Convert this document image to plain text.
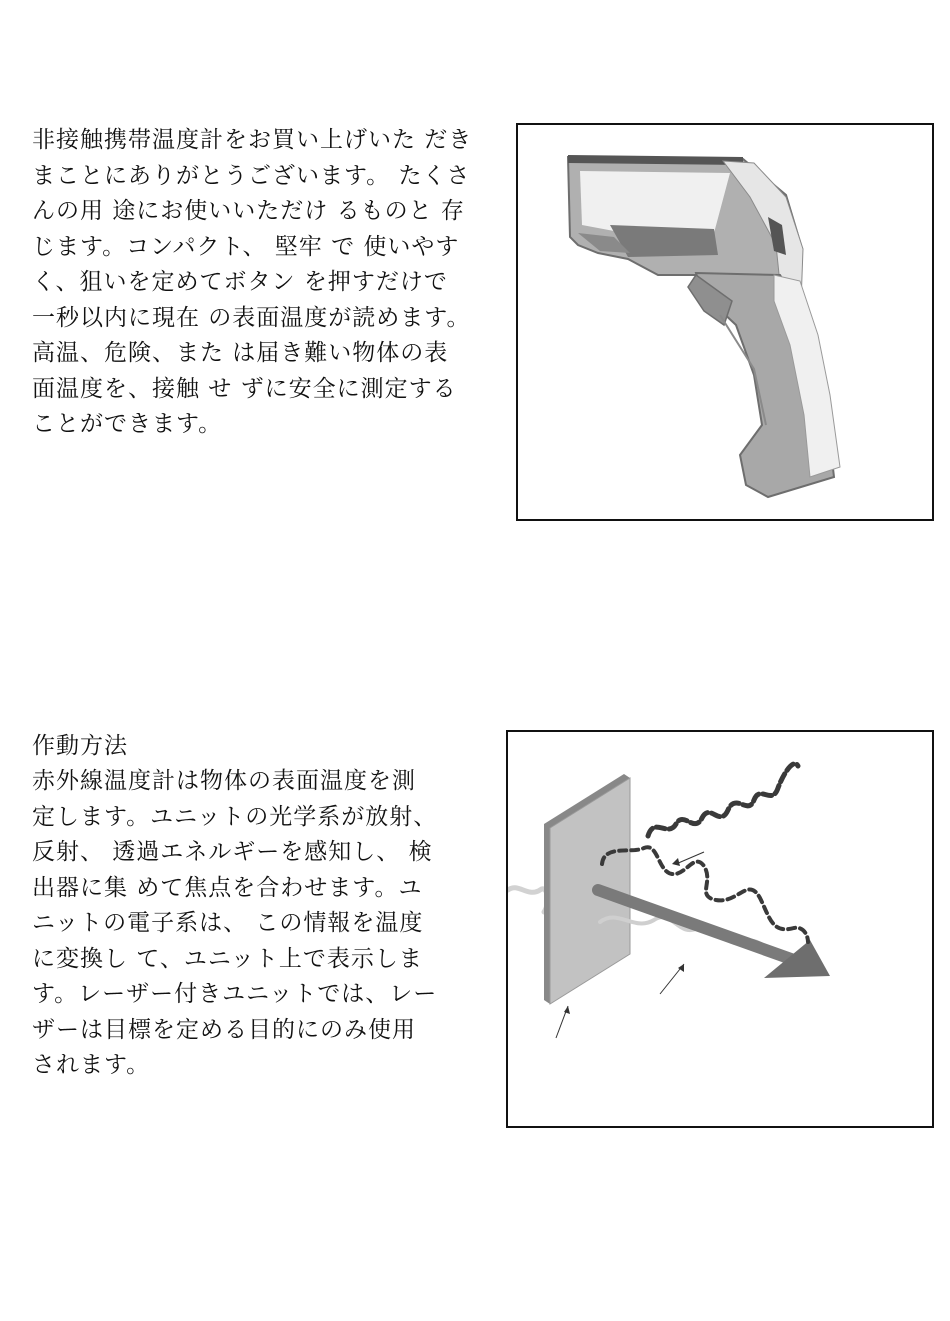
非接触携帯温度計をお買い上げいた だき
まことにありがとうございます。 たくさ
んの用 途にお使いいただけ るものと 存
じます。コンパクト、 堅牢 で 使いやす
く、狙いを定めてボタン を押すだけで
一秒以内に現在 の表面温度が読めます。
高温、危険、また は届き難い物体の表
面温度を、接触 せ ずに安全に測定する
ことができます。
作動方法
赤外線温度計は物体の表面温度を測
定します。ユニットの光学系が放射、
反射、 透過エネルギーを感知し、 検
出器に集 めて焦点を合わせます。ユ
ニットの電子系は、 この情報を温度
に変換し て、ユニット上で表示しま
す。レーザー付きユニットでは、レー
ザーは目標を定める目的にのみ使用
されます。
